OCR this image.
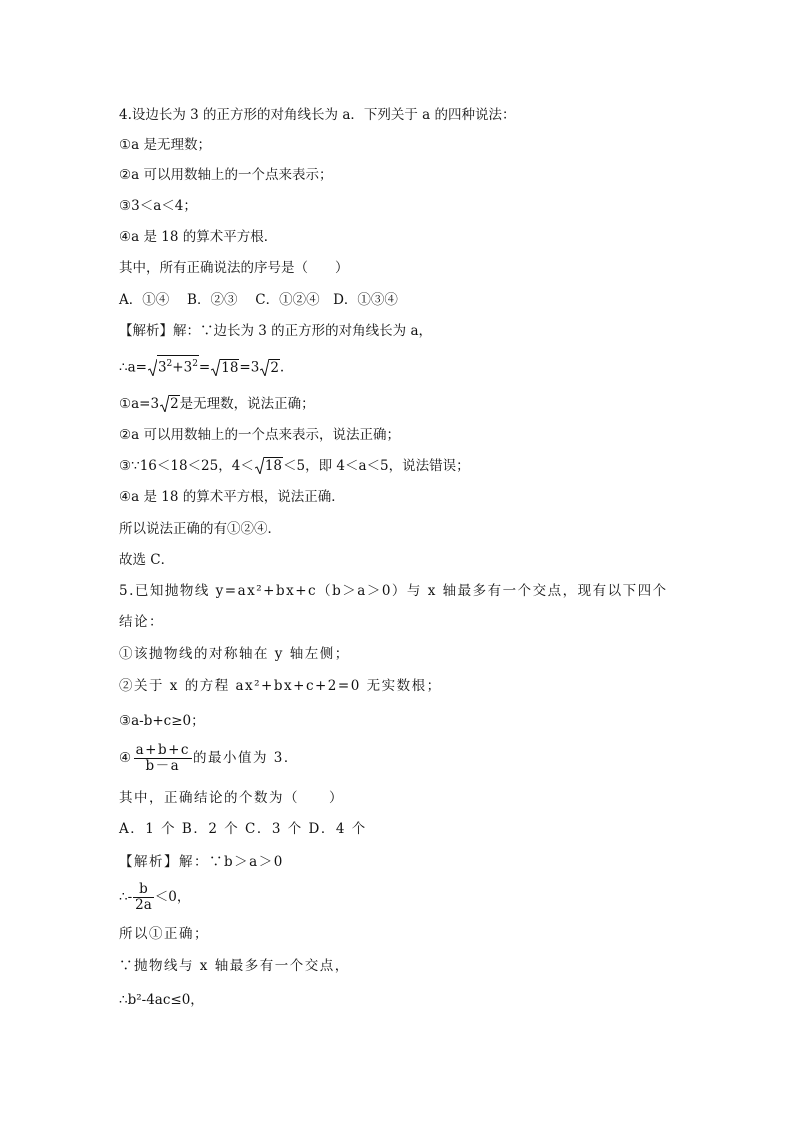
4.设边长为 3 的正方形的对角线长为 a．下列关于 a 的四种说法：
①a 是无理数；
②a 可以用数轴上的一个点来表示；
③3＜a＜4；
④a 是 18 的算术平方根．
其中，所有正确说法的序号是（　　）
A．①④　 B．②③　 C．①②④　D．①③④
【解析】解：∵边长为 3 的正方形的对角线长为 a，
∴a= $3^2+3^2= 18=3$ 2.
①a=3 2是无理数，说法正确；
②a 可以用数轴上的一个点来表示，说法正确；
③∵16＜18＜25，4＜ 18＜5，即 4＜a＜5，说法错误；
④a 是 18 的算术平方根，说法正确．
所以说法正确的有①②④．
故选 C．
5.已知抛物线 y=ax²+bx+c（b＞a＞0）与 x 轴最多有一个交点，现有以下四个
结论：
①该抛物线的对称轴在 y 轴左侧；
②关于 x 的方程 ax²+bx+c+2=0 无实数根；
③a-b+c≥0；
④ $\frac{a+b+c}{b-a}$ 的最小值为 3．
其中，正确结论的个数为（　　）
A．1 个 B．2 个 C．3 个 D．4 个
【解析】解：∵b＞a＞0
∴- $\frac{b}{2a} <0$，
所以①正确；
∵抛物线与 x 轴最多有一个交点，
∴b²-4ac≤0，
